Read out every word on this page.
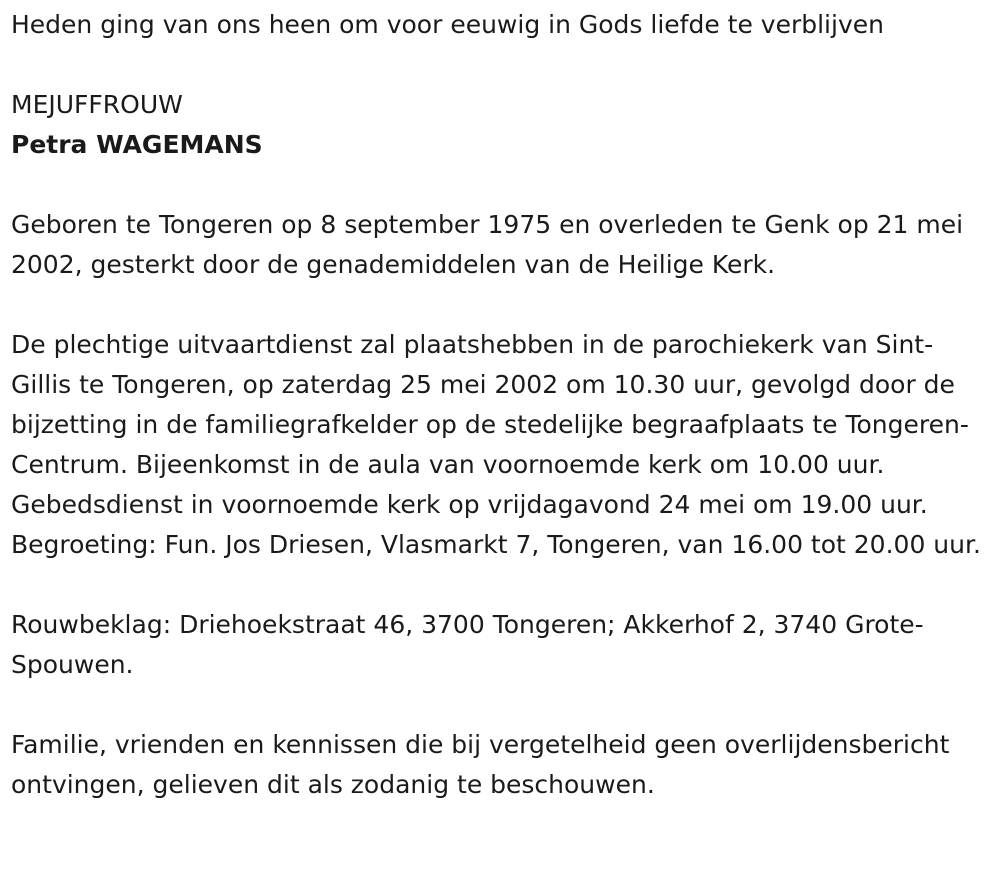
Heden ging van ons heen om voor eeuwig in Gods liefde te verblijven

MEJUFFROUW

Petra WAGEMANS

Geboren te Tongeren op 8 september 1975 en overleden te Genk op 21 mei 2002, gesterkt door de genademiddelen van de Heilige Kerk.

De plechtige uitvaartdienst zal plaatshebben in de parochiekerk van Sint-Gillis te Tongeren, op zaterdag 25 mei 2002 om 10.30 uur, gevolgd door de bijzetting in de familiegrafkelder op de stedelijke begraafplaats te Tongeren-Centrum. Bijeenkomst in de aula van voornoemde kerk om 10.00 uur. Gebedsdienst in voornoemde kerk op vrijdagavond 24 mei om 19.00 uur. Begroeting: Fun. Jos Driesen, Vlasmarkt 7, Tongeren, van 16.00 tot 20.00 uur.

Rouwbeklag: Driehoekstraat 46, 3700 Tongeren; Akkerhof 2, 3740 Grote-Spouwen.

Familie, vrienden en kennissen die bij vergetelheid geen overlijdensbericht ontvingen, gelieven dit als zodanig te beschouwen.
